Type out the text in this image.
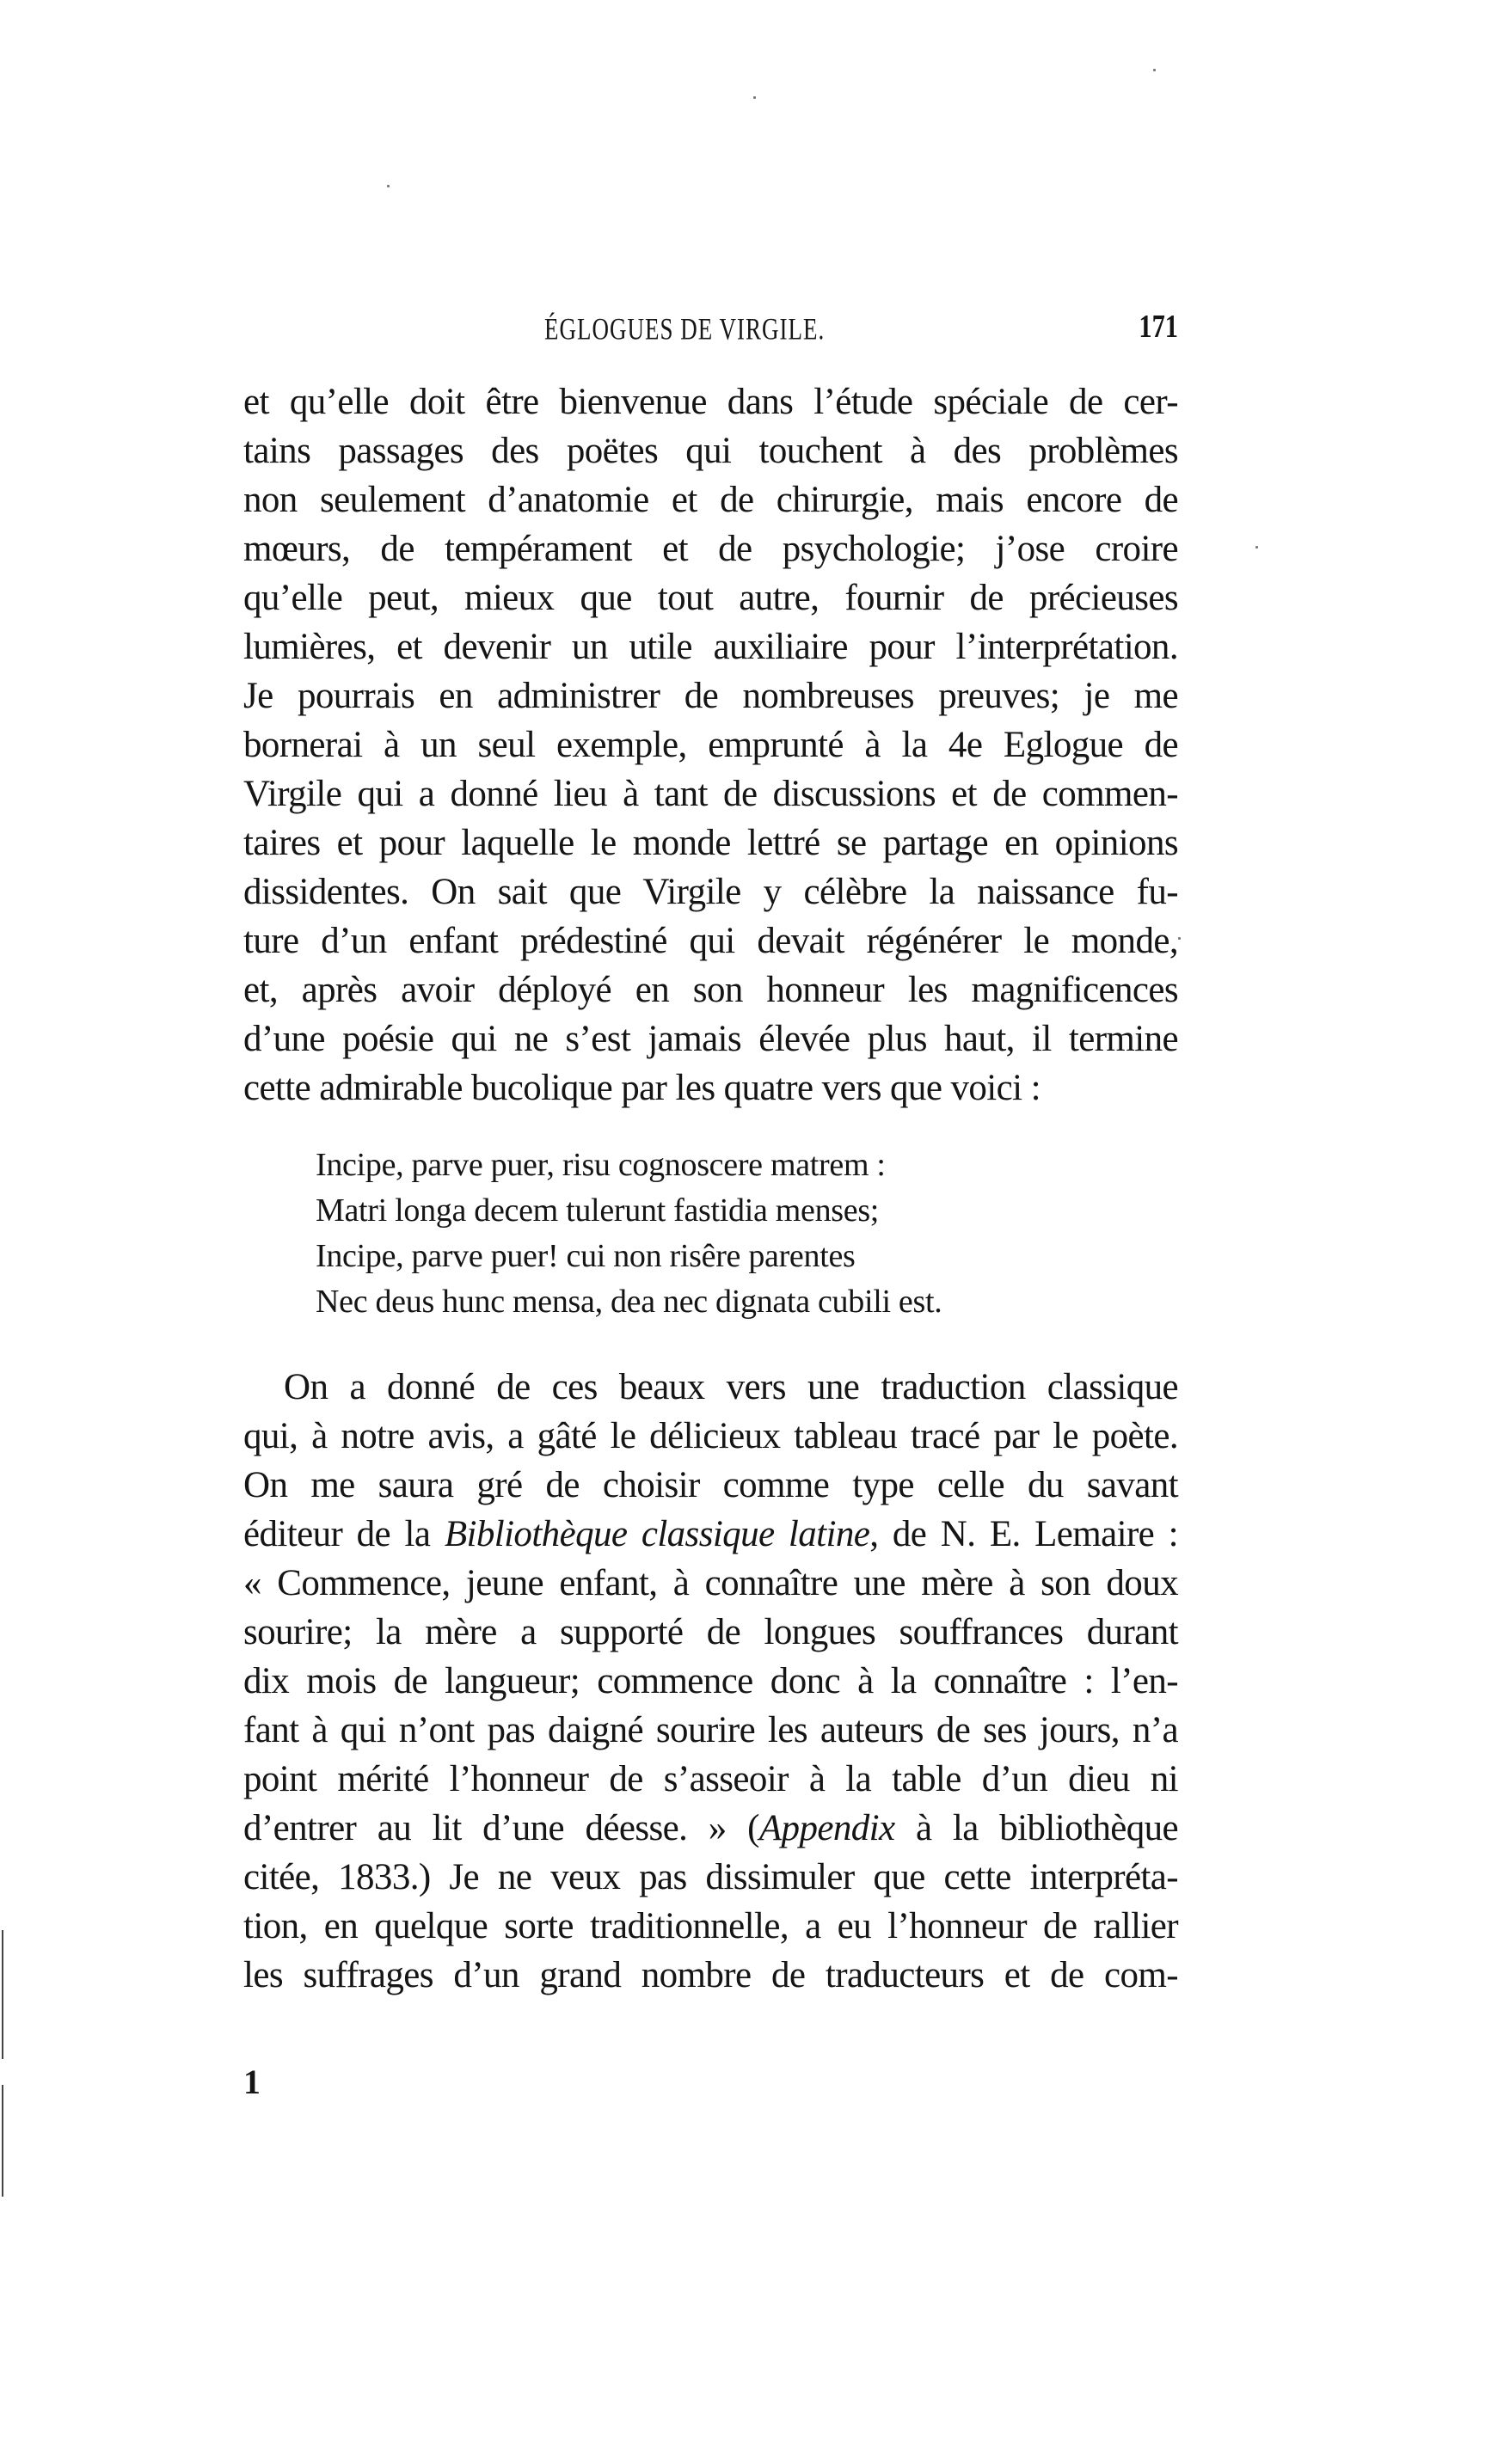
ÉGLOGUES DE VIRGILE.	171
et qu’elle doit être bienvenue dans l’étude spéciale de cer-
tains passages des poëtes qui touchent à des problèmes
non seulement d’anatomie et de chirurgie, mais encore de
mœurs, de tempérament et de psychologie; j’ose croire
qu’elle peut, mieux que tout autre, fournir de précieuses
lumières, et devenir un utile auxiliaire pour l’interprétation.
Je pourrais en administrer de nombreuses preuves; je me
bornerai à un seul exemple, emprunté à la 4e Eglogue de
Virgile qui a donné lieu à tant de discussions et de commen-
taires et pour laquelle le monde lettré se partage en opinions
dissidentes. On sait que Virgile y célèbre la naissance fu-
ture d’un enfant prédestiné qui devait régénérer le monde,
et, après avoir déployé en son honneur les magnificences
d’une poésie qui ne s’est jamais élevée plus haut, il termine
cette admirable bucolique par les quatre vers que voici :
Incipe, parve puer, risu cognoscere matrem :
Matri longa decem tulerunt fastidia menses;
Incipe, parve puer! cui non risêre parentes
Nec deus hunc mensa, dea nec dignata cubili est.
On a donné de ces beaux vers une traduction classique
qui, à notre avis, a gâté le délicieux tableau tracé par le poète.
On me saura gré de choisir comme type celle du savant
éditeur de la Bibliothèque classique latine, de N. E. Lemaire :
« Commence, jeune enfant, à connaître une mère à son doux
sourire; la mère a supporté de longues souffrances durant
dix mois de langueur; commence donc à la connaître : l’en-
fant à qui n’ont pas daigné sourire les auteurs de ses jours, n’a
point mérité l’honneur de s’asseoir à la table d’un dieu ni
d’entrer au lit d’une déesse. » (Appendix à la bibliothèque
citée, 1833.) Je ne veux pas dissimuler que cette interpréta-
tion, en quelque sorte traditionnelle, a eu l’honneur de rallier
les suffrages d’un grand nombre de traducteurs et de com-
1
